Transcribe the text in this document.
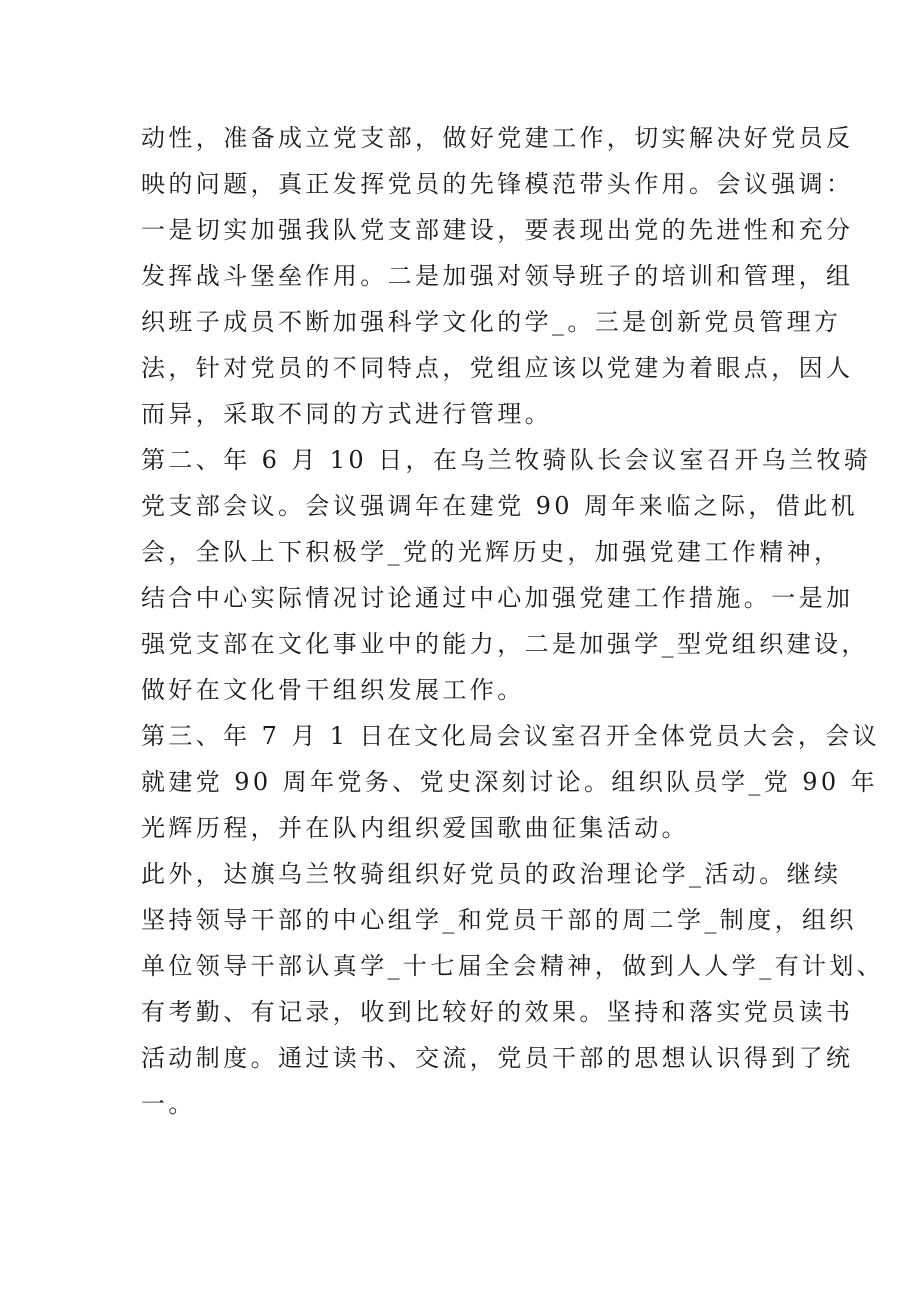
动性，准备成立党支部，做好党建工作，切实解决好党员反
映的问题，真正发挥党员的先锋模范带头作用。会议强调：
一是切实加强我队党支部建设，要表现出党的先进性和充分
发挥战斗堡垒作用。二是加强对领导班子的培训和管理，组
织班子成员不断加强科学文化的学_。三是创新党员管理方
法，针对党员的不同特点，党组应该以党建为着眼点，因人
而异，采取不同的方式进行管理。
第二、年 6 月 10 日，在乌兰牧骑队长会议室召开乌兰牧骑
党支部会议。会议强调年在建党 90 周年来临之际，借此机
会，全队上下积极学_党的光辉历史，加强党建工作精神，
结合中心实际情况讨论通过中心加强党建工作措施。一是加
强党支部在文化事业中的能力，二是加强学_型党组织建设，
做好在文化骨干组织发展工作。
第三、年 7 月 1 日在文化局会议室召开全体党员大会，会议
就建党 90 周年党务、党史深刻讨论。组织队员学_党 90 年
光辉历程，并在队内组织爱国歌曲征集活动。
此外，达旗乌兰牧骑组织好党员的政治理论学_活动。继续
坚持领导干部的中心组学_和党员干部的周二学_制度，组织
单位领导干部认真学_十七届全会精神，做到人人学_有计划、
有考勤、有记录，收到比较好的效果。坚持和落实党员读书
活动制度。通过读书、交流，党员干部的思想认识得到了统
一。
